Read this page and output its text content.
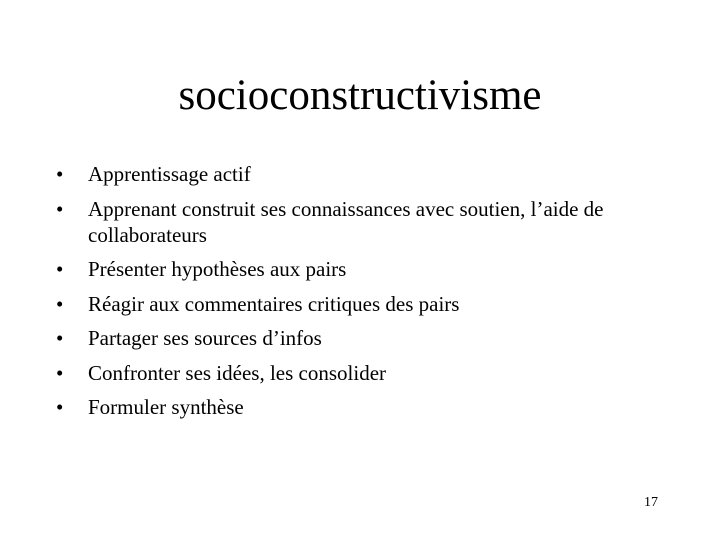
socioconstructivisme
•	Apprentissage actif
•	Apprenant construit ses connaissances avec soutien, l’aide de collaborateurs
•	Présenter hypothèses aux pairs
•	Réagir aux commentaires critiques des pairs
•	Partager ses sources d’infos
•	Confronter ses idées, les consolider
•	Formuler synthèse
17
